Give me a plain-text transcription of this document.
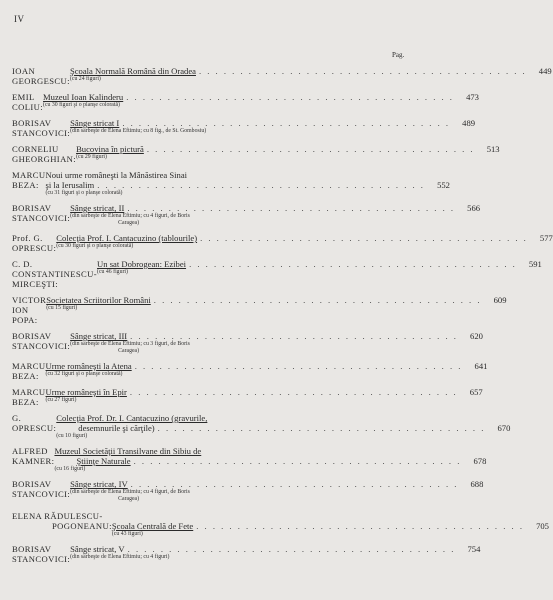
IV
Pag.
IOAN GEORGESCU:
Şcoala Normală Română din Oradea . . .	449
(cu 24 figuri)
EMIL COLIU:
Muzeul Ioan Kalinderu . . .	473
(cu 30 figuri şi o planşe colorată)
BORISAV STANCOVICI:
Sânge stricat I . . .	489
(din sârbeşte de Elena Eftimiu; cu 8 fig., de St. Gombosiu)
CORNELIU GHEORGHIAN:
Bucovina în pictură . . .	513
(cu 29 figuri)
MARCU BEZA:
Noui urme româneşti la Mânăstirea Sinai
şi la Ierusalim . . .	552
(cu 31 figuri şi o planşe colorată)
BORISAV STANCOVICI:
Sânge stricat, II . . .	566
(din sârbeşte de Elena Eftimiu; cu 4 figuri, de Boris
Caragea)
Prof. G. OPRESCU:
Colecţia Prof. I. Cantacuzino (tablourile) . . .	577
(cu 30 figuri şi o planşe colorată)
C. D. CONSTANTINESCU-
MIRCEŞTI:
Un sat Dobrogean: Ezibei . . .	591
(cu 46 figuri)
VICTOR ION POPA:
Societatea Scriitorilor Români . . .	609
(cu 15 figuri)
BORISAV STANCOVICI:
Sânge stricat, III . . .	620
(din sârbeşte de Elena Eftimiu; cu 3 figuri, de Boris
Caragea)
MARCU BEZA:
Urme româneşti la Atena . . .	641
(cu 32 figuri şi o planşe colorată)
MARCU BEZA:
Urme româneşti în Epir . . .	657
(cu 27 figuri)
G. OPRESCU:
Colecţia Prof. Dr. I. Cantacuzino (gravurile,
desemnurile şi cărţile) . . .	670
(cu 10 figuri)
ALFRED KAMNER:
Muzeul Societăţii Transilvane din Sibiu de
Ştiinţe Naturale . . .	678
(cu 16 figuri)
BORISAV STANCOVICI:
Sânge stricat, IV . . .	688
(din sârbeşte de Elena Eftimiu; cu 4 figuri, de Boris
Caragea)
ELENA RĂDULESCU-
POGONEANU: Şcoala Centrală de Fete . . .	705
(cu 43 figuri)
BORISAV STANCOVICI:
Sânge stricat, V . . .	754
(din sârbeşte de Elena Eftimiu; cu 4 figuri)
